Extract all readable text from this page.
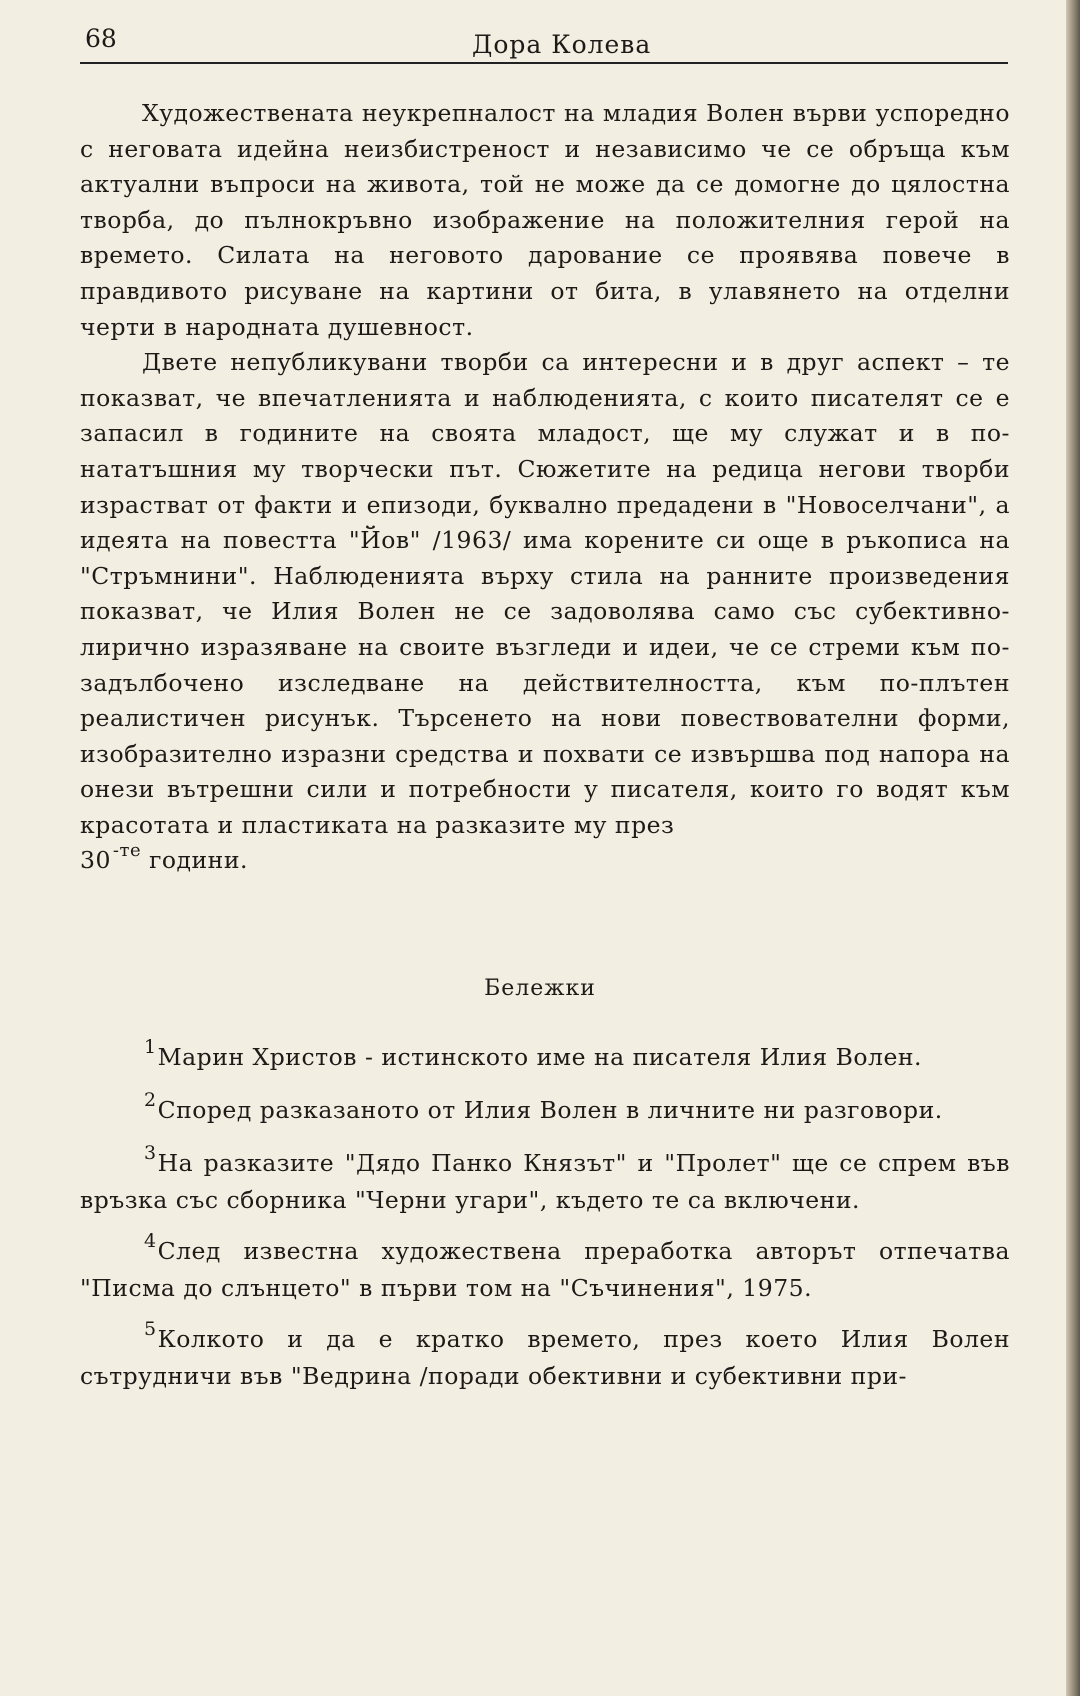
68	Дора Колева

Художествената неукрепналост на младия Волен върви успоредно с неговата идейна неизбистреност и независимо че се обръща към актуални въпроси на живота, той не може да се домогне до цялостна творба, до пълнокръвно изображение на положителния герой на времето. Силата на неговото дарование се проявява повече в правдивото рисуване на картини от бита, в улавянето на отделни черти в народната душевност.

Двете непубликувани творби са интересни и в друг аспект – те показват, че впечатленията и наблюденията, с които писателят се е запасил в годините на своята младост, ще му служат и в по-нататъшния му творчески път. Сюжетите на редица негови творби израстват от факти и епизоди, буквално предадени в "Новоселчани", а идеята на повестта "Йов" /1963/ има корените си още в ръкописа на "Стръмнини". Наблюденията върху стила на ранните произведения показват, че Илия Волен не се задоволява само със субективно-лирично изразяване на своите възгледи и идеи, че се стреми към по-задълбочено изследване на действителността, към по-плътен реалистичен рисунък. Търсенето на нови повествователни форми, изобразително изразни средства и похвати се извършва под напора на онези вътрешни сили и потребности у писателя, които го водят към красотата и пластиката на разказите му през

30 $^{-те}$ години.
Бележки

1Марин Христов - истинското име на писателя Илия Волен.

2Според разказаното от Илия Волен в личните ни разговори.

3На разказите "Дядо Панко Князът" и "Пролет" ще се спрем във връзка със сборника "Черни угари", където те са включени.

4След известна художествена преработка авторът отпечатва "Писма до слънцето" в първи том на "Съчинения", 1975.

5Колкото и да е кратко времето, през което Илия Волен сътрудничи във "Ведрина /поради обективни и субективни при-
